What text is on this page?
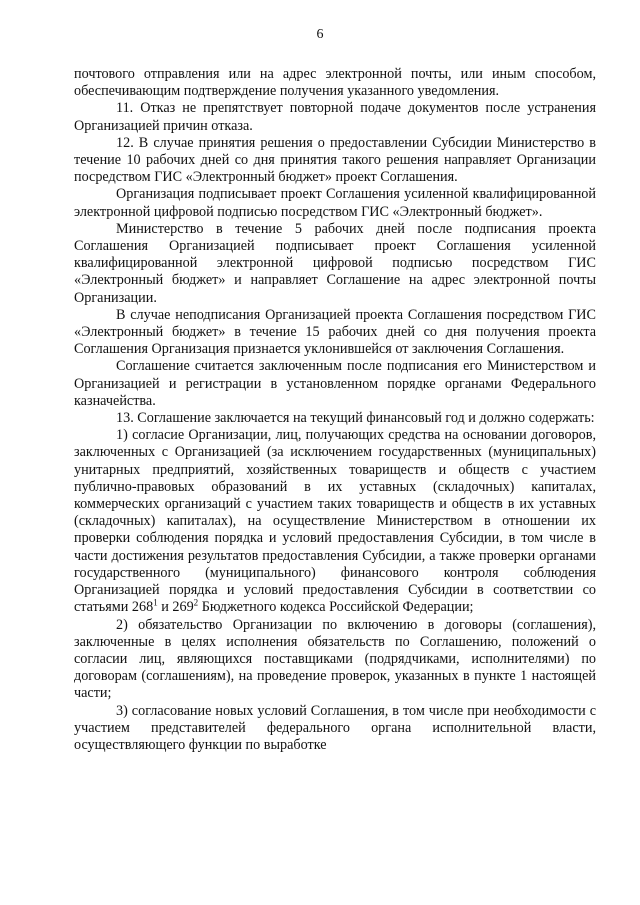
6

почтового отправления или на адрес электронной почты, или иным способом, обеспечивающим подтверждение получения указанного уведомления.

11. Отказ не препятствует повторной подаче документов после устранения Организацией причин отказа.

12. В случае принятия решения о предоставлении Субсидии Министерство в течение 10 рабочих дней со дня принятия такого решения направляет Организации посредством ГИС «Электронный бюджет» проект Соглашения.

Организация подписывает проект Соглашения усиленной квалифицированной электронной цифровой подписью посредством ГИС «Электронный бюджет».

Министерство в течение 5 рабочих дней после подписания проекта Соглашения Организацией подписывает проект Соглашения усиленной квалифицированной электронной цифровой подписью посредством ГИС «Электронный бюджет» и направляет Соглашение на адрес электронной почты Организации.

В случае неподписания Организацией проекта Соглашения посредством ГИС «Электронный бюджет» в течение 15 рабочих дней со дня получения проекта Соглашения Организация признается уклонившейся от заключения Соглашения.

Соглашение считается заключенным после подписания его Министерством и Организацией и регистрации в установленном порядке органами Федерального казначейства.

13. Соглашение заключается на текущий финансовый год и должно содержать:

1) согласие Организации, лиц, получающих средства на основании договоров, заключенных с Организацией (за исключением государственных (муниципальных) унитарных предприятий, хозяйственных товариществ и обществ с участием публично-правовых образований в их уставных (складочных) капиталах, коммерческих организаций с участием таких товариществ и обществ в их уставных (складочных) капиталах), на осуществление Министерством в отношении их проверки соблюдения порядка и условий предоставления Субсидии, в том числе в части достижения результатов предоставления Субсидии, а также проверки органами государственного (муниципального) финансового контроля соблюдения Организацией порядка и условий предоставления Субсидии в соответствии со статьями $268^1$ и $269^2$ Бюджетного кодекса Российской Федерации;

2) обязательство Организации по включению в договоры (соглашения), заключенные в целях исполнения обязательств по Соглашению, положений о согласии лиц, являющихся поставщиками (подрядчиками, исполнителями) по договорам (соглашениям), на проведение проверок, указанных в пункте 1 настоящей части;

3) согласование новых условий Соглашения, в том числе при необходимости с участием представителей федерального органа исполнительной власти, осуществляющего функции по выработке
